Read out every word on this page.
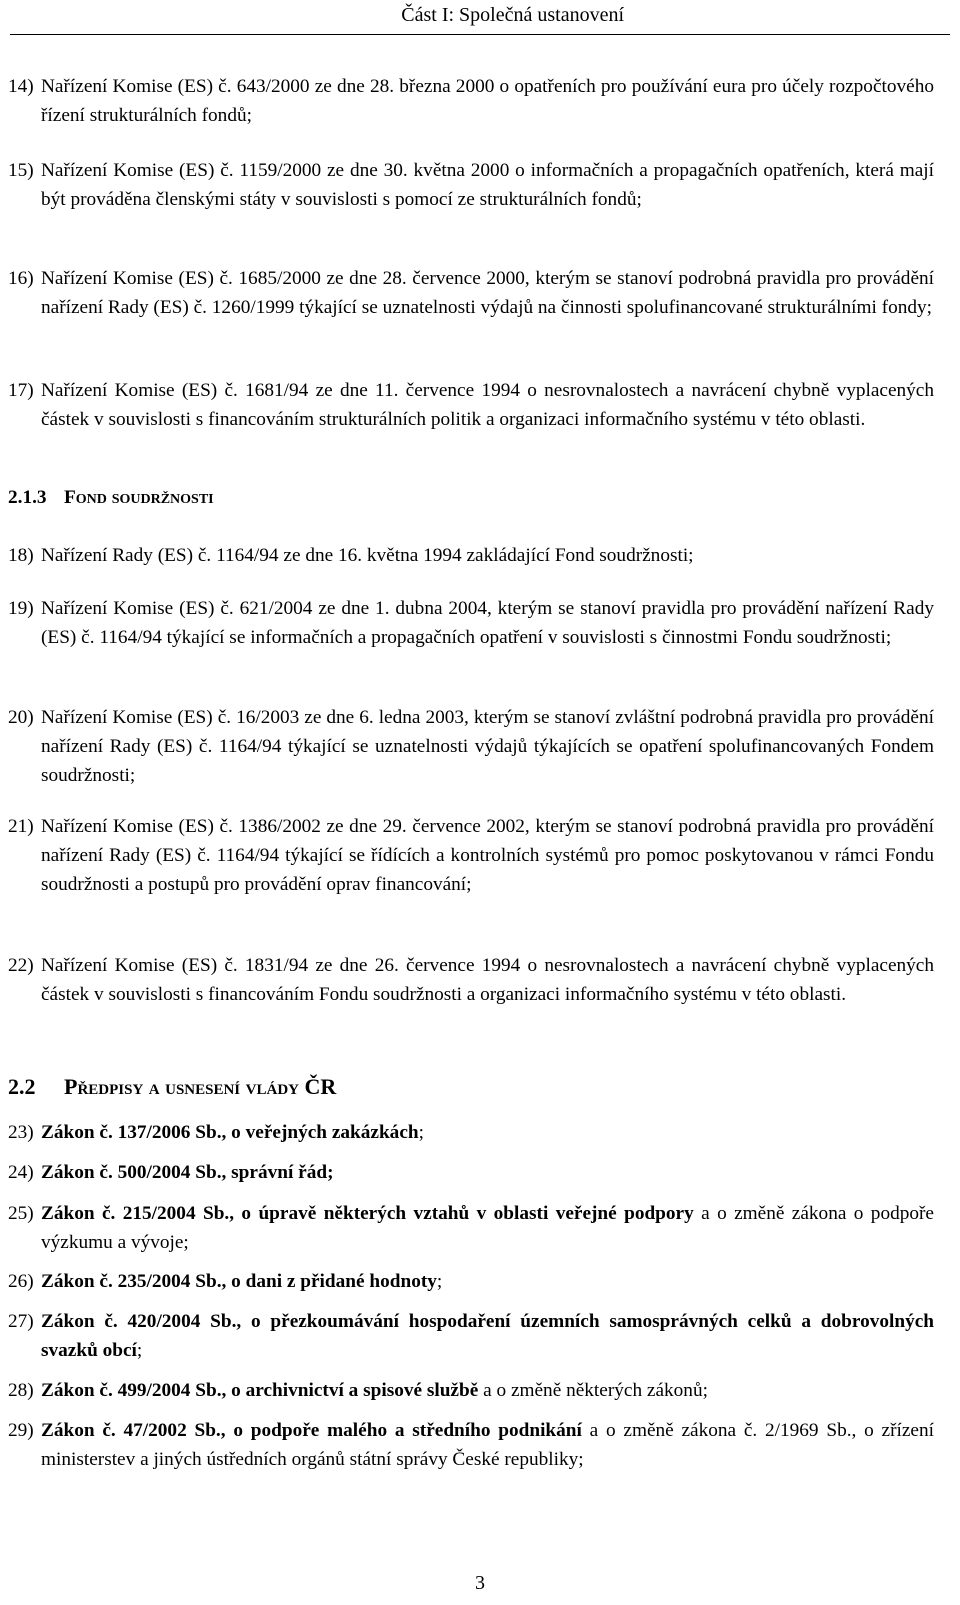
Část I: Společná ustanovení
14) Nařízení Komise (ES) č. 643/2000 ze dne 28. března 2000 o opatřeních pro používání eura pro účely rozpočtového řízení strukturálních fondů;
15) Nařízení Komise (ES) č. 1159/2000 ze dne 30. května 2000 o informačních a propagačních opatřeních, která mají být prováděna členskými státy v souvislosti s pomocí ze strukturálních fondů;
16) Nařízení Komise (ES) č. 1685/2000 ze dne 28. července 2000, kterým se stanoví podrobná pravidla pro provádění nařízení Rady (ES) č. 1260/1999 týkající se uznatelnosti výdajů na činnosti spolufinancované strukturálními fondy;
17) Nařízení Komise (ES) č. 1681/94 ze dne 11. července 1994 o nesrovnalostech a navrácení chybně vyplacených částek v souvislosti s financováním strukturálních politik a organizaci informačního systému v této oblasti.
2.1.3 Fond soudržnosti
18) Nařízení Rady (ES) č. 1164/94 ze dne 16. května 1994 zakládající Fond soudržnosti;
19) Nařízení Komise (ES) č. 621/2004 ze dne 1. dubna 2004, kterým se stanoví pravidla pro provádění nařízení Rady (ES) č. 1164/94 týkající se informačních a propagačních opatření v souvislosti s činnostmi Fondu soudržnosti;
20) Nařízení Komise (ES) č. 16/2003 ze dne 6. ledna 2003, kterým se stanoví zvláštní podrobná pravidla pro provádění nařízení Rady (ES) č. 1164/94 týkající se uznatelnosti výdajů týkajících se opatření spolufinancovaných Fondem soudržnosti;
21) Nařízení Komise (ES) č. 1386/2002 ze dne 29. července 2002, kterým se stanoví podrobná pravidla pro provádění nařízení Rady (ES) č. 1164/94 týkající se řídících a kontrolních systémů pro pomoc poskytovanou v rámci Fondu soudržnosti a postupů pro provádění oprav financování;
22) Nařízení Komise (ES) č. 1831/94 ze dne 26. července 1994 o nesrovnalostech a navrácení chybně vyplacených částek v souvislosti s financováním Fondu soudržnosti a organizaci informačního systému v této oblasti.
2.2 Předpisy a usnesení vlády ČR
23) Zákon č. 137/2006 Sb., o veřejných zakázkách;
24) Zákon č. 500/2004 Sb., správní řád;
25) Zákon č. 215/2004 Sb., o úpravě některých vztahů v oblasti veřejné podpory a o změně zákona o podpoře výzkumu a vývoje;
26) Zákon č. 235/2004 Sb., o dani z přidané hodnoty;
27) Zákon č. 420/2004 Sb., o přezkoumávání hospodaření územních samosprávných celků a dobrovolných svazků obcí;
28) Zákon č. 499/2004 Sb., o archivnictví a spisové službě a o změně některých zákonů;
29) Zákon č. 47/2002 Sb., o podpoře malého a středního podnikání a o změně zákona č. 2/1969 Sb., o zřízení ministerstev a jiných ústředních orgánů státní správy České republiky;
3
